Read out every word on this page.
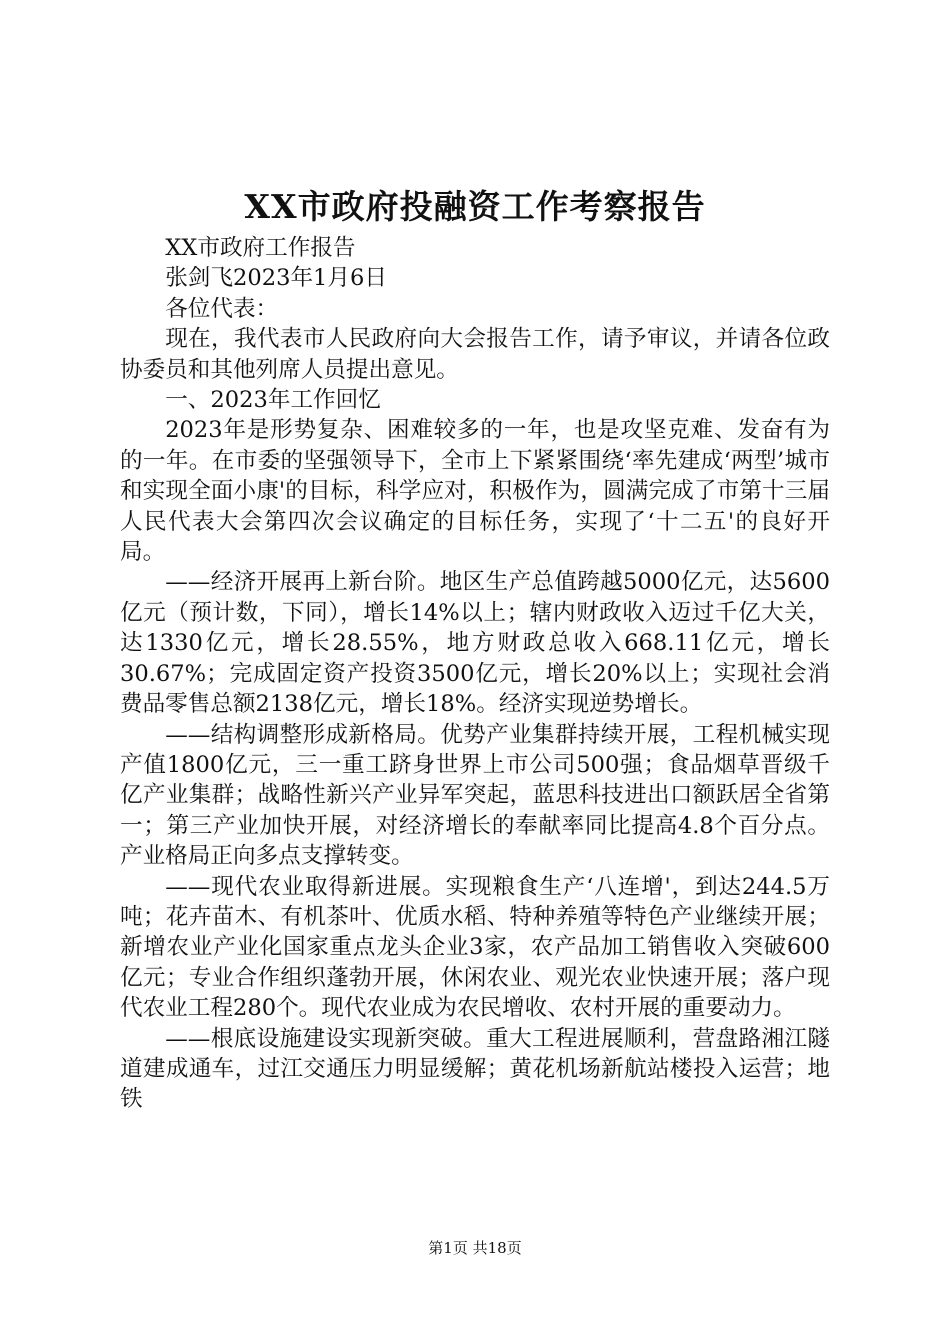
XX市政府投融资工作考察报告

XX市政府工作报告

张剑飞2023年1月6日

各位代表：

现在，我代表市人民政府向大会报告工作，请予审议，并请各位政协委员和其他列席人员提出意见。

一、2023年工作回忆

2023年是形势复杂、困难较多的一年，也是攻坚克难、发奋有为的一年。在市委的坚强领导下，全市上下紧紧围绕‘率先建成‘两型’城市和实现全面小康'的目标，科学应对，积极作为，圆满完成了市第十三届人民代表大会第四次会议确定的目标任务，实现了‘十二五'的良好开局。

——经济开展再上新台阶。地区生产总值跨越5000亿元，达5600亿元（预计数，下同），增长14%以上；辖内财政收入迈过千亿大关，达1330亿元，增长28.55%，地方财政总收入668.11亿元，增长30.67%；完成固定资产投资3500亿元，增长20%以上；实现社会消费品零售总额2138亿元，增长18%。经济实现逆势增长。

——结构调整形成新格局。优势产业集群持续开展，工程机械实现产值1800亿元，三一重工跻身世界上市公司500强；食品烟草晋级千亿产业集群；战略性新兴产业异军突起，蓝思科技进出口额跃居全省第一；第三产业加快开展，对经济增长的奉献率同比提高4.8个百分点。产业格局正向多点支撑转变。

——现代农业取得新进展。实现粮食生产‘八连增'，到达244.5万吨；花卉苗木、有机茶叶、优质水稻、特种养殖等特色产业继续开展；新增农业产业化国家重点龙头企业3家，农产品加工销售收入突破600亿元；专业合作组织蓬勃开展，休闲农业、观光农业快速开展；落户现代农业工程280个。现代农业成为农民增收、农村开展的重要动力。

——根底设施建设实现新突破。重大工程进展顺利，营盘路湘江隧道建成通车，过江交通压力明显缓解；黄花机场新航站楼投入运营；地铁

第1页 共18页
